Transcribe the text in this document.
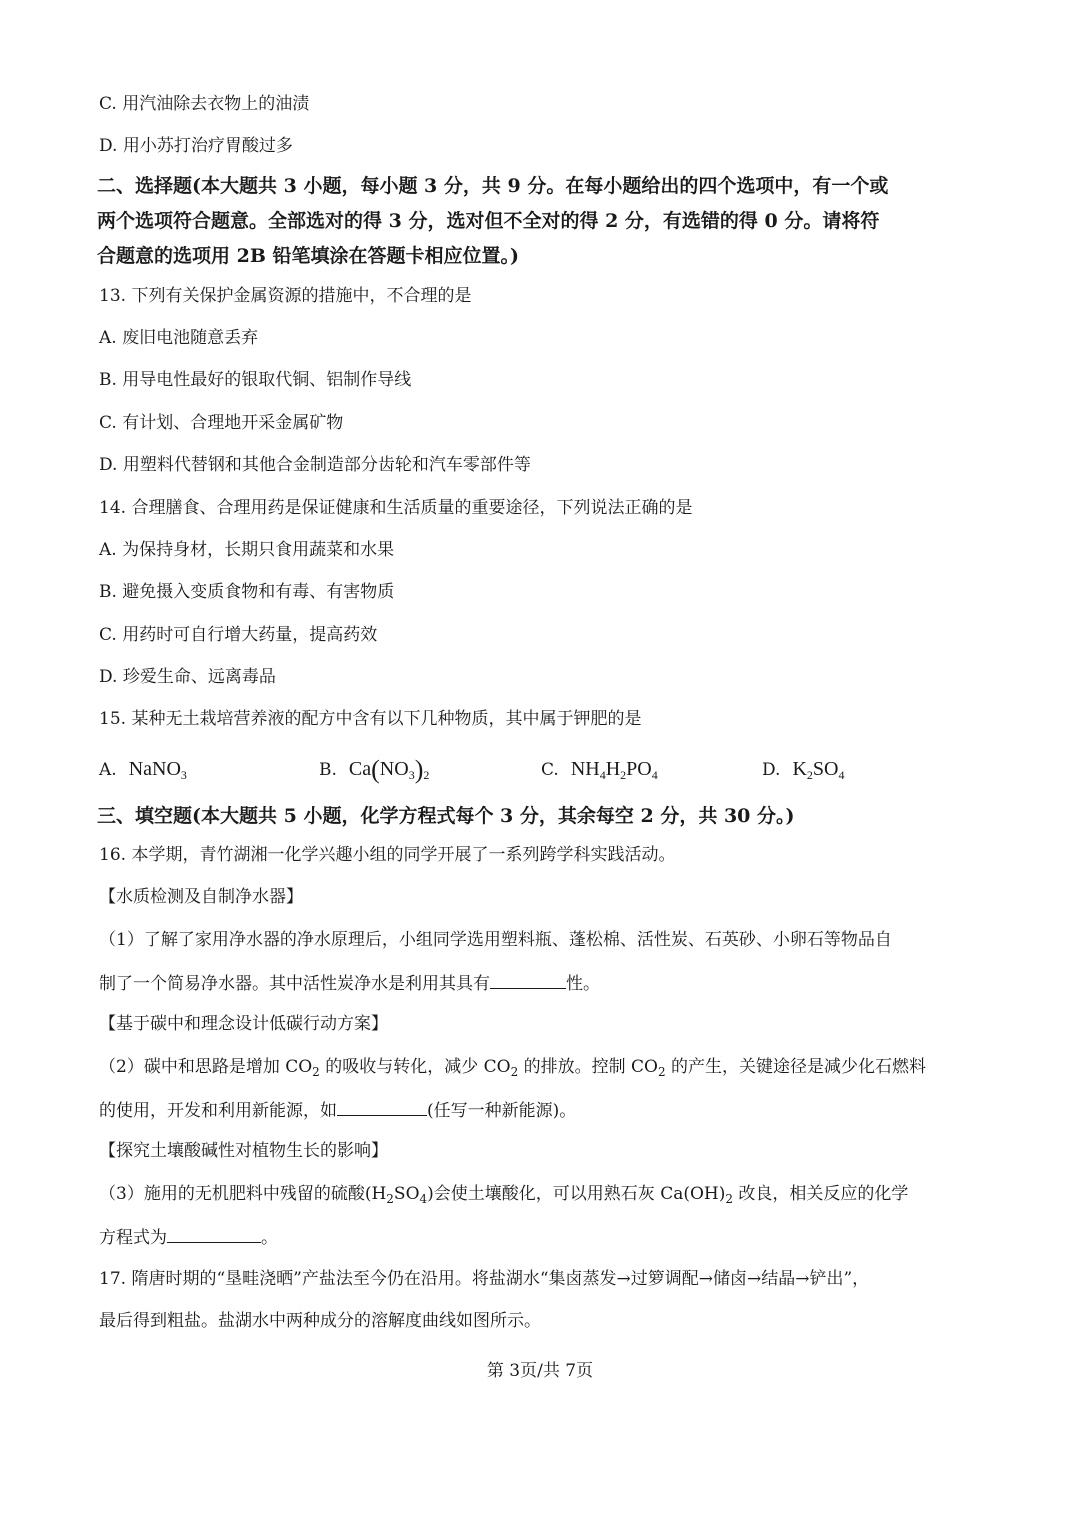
C. 用汽油除去衣物上的油渍
D. 用小苏打治疗胃酸过多
二、选择题(本大题共 3 小题，每小题 3 分，共 9 分。在每小题给出的四个选项中，有一个或
两个选项符合题意。全部选对的得 3 分，选对但不全对的得 2 分，有选错的得 0 分。请将符
合题意的选项用 2B 铅笔填涂在答题卡相应位置。)
13. 下列有关保护金属资源的措施中，不合理的是
A. 废旧电池随意丢弃
B. 用导电性最好的银取代铜、铝制作导线
C. 有计划、合理地开采金属矿物
D. 用塑料代替钢和其他合金制造部分齿轮和汽车零部件等
14. 合理膳食、合理用药是保证健康和生活质量的重要途径，下列说法正确的是
A. 为保持身材，长期只食用蔬菜和水果
B. 避免摄入变质食物和有毒、有害物质
C. 用药时可自行增大药量，提高药效
D. 珍爱生命、远离毒品
15. 某种无土栽培营养液的配方中含有以下几种物质，其中属于钾肥的是
A. NaNO$_3$	B. $Ca(NO_3)_2$	C. $NH_4H_2PO_4$	D. $K_2SO_4$
三、填空题(本大题共 5 小题，化学方程式每个 3 分，其余每空 2 分，共 30 分。)
16. 本学期，青竹湖湘一化学兴趣小组的同学开展了一系列跨学科实践活动。
【水质检测及自制净水器】
（1）了解了家用净水器的净水原理后，小组同学选用塑料瓶、蓬松棉、活性炭、石英砂、小卵石等物品自
制了一个简易净水器。其中活性炭净水是利用其具有	性。
【基于碳中和理念设计低碳行动方案】
（2）碳中和思路是增加 $CO_2$ 的吸收与转化，减少 $CO_2$ 的排放。控制 $CO_2$ 的产生，关键途径是减少化石燃料
的使用，开发和利用新能源，如	(任写一种新能源)。
【探究土壤酸碱性对植物生长的影响】
（3）施用的无机肥料中残留的硫酸$(H_2SO_4)$会使土壤酸化，可以用熟石灰 $Ca(OH)_2$ 改良，相关反应的化学
方程式为	。
17. 隋唐时期的“垦畦浇晒”产盐法至今仍在沿用。将盐湖水“集卤蒸发→过箩调配→储卤→结晶→铲出”，
最后得到粗盐。盐湖水中两种成分的溶解度曲线如图所示。
第 3页/共 7页
